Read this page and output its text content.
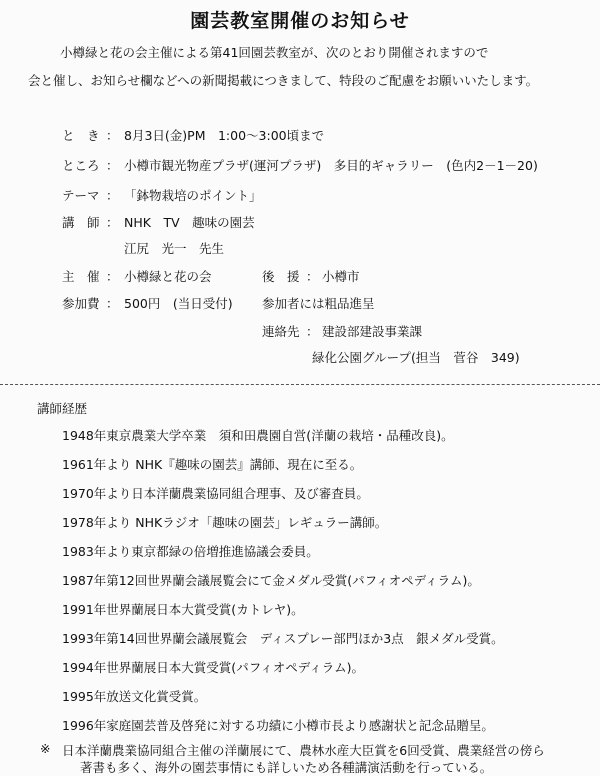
園芸教室開催のお知らせ
小樽緑と花の会主催による第41回園芸教室が、次のとおり開催されますので
会と催し、お知らせ欄などへの新聞掲載につきまして、特段のご配慮をお願いいたします。
と　き ： 8月3日(金)PM　1:00～3:00頃まで
ところ ： 小樽市観光物産プラザ(運河プラザ)　多目的ギャラリー　(色内2－1－20)
テーマ ： 「鉢物栽培のポイント」
講　師 ： NHK　TV　趣味の園芸
江尻　光一　先生
主　催 ： 小樽緑と花の会	後　援 ： 小樽市
参加費 ： 500円　(当日受付) 参加者には粗品進呈
連絡先 ： 建設部建設事業課
緑化公園グループ(担当　菅谷　349)
講師経歴
1948年東京農業大学卒業　須和田農園自営(洋蘭の栽培・品種改良)。
1961年より NHK『趣味の園芸』講師、現在に至る。
1970年より日本洋蘭農業協同組合理事、及び審査員。
1978年より NHKラジオ「趣味の園芸」レギュラー講師。
1983年より東京都緑の倍増推進協議会委員。
1987年第12回世界蘭会議展覧会にて金メダル受賞(パフィオペディラム)。
1991年世界蘭展日本大賞受賞(カトレヤ)。
1993年第14回世界蘭会議展覧会　ディスプレー部門ほか3点　銀メダル受賞。
1994年世界蘭展日本大賞受賞(パフィオペディラム)。
1995年放送文化賞受賞。
1996年家庭園芸普及啓発に対する功績に小樽市長より感謝状と記念品贈呈。
※ 日本洋蘭農業協同組合主催の洋蘭展にて、農林水産大臣賞を6回受賞、農業経営の傍ら
著書も多く、海外の園芸事情にも詳しいため各種講演活動を行っている。
